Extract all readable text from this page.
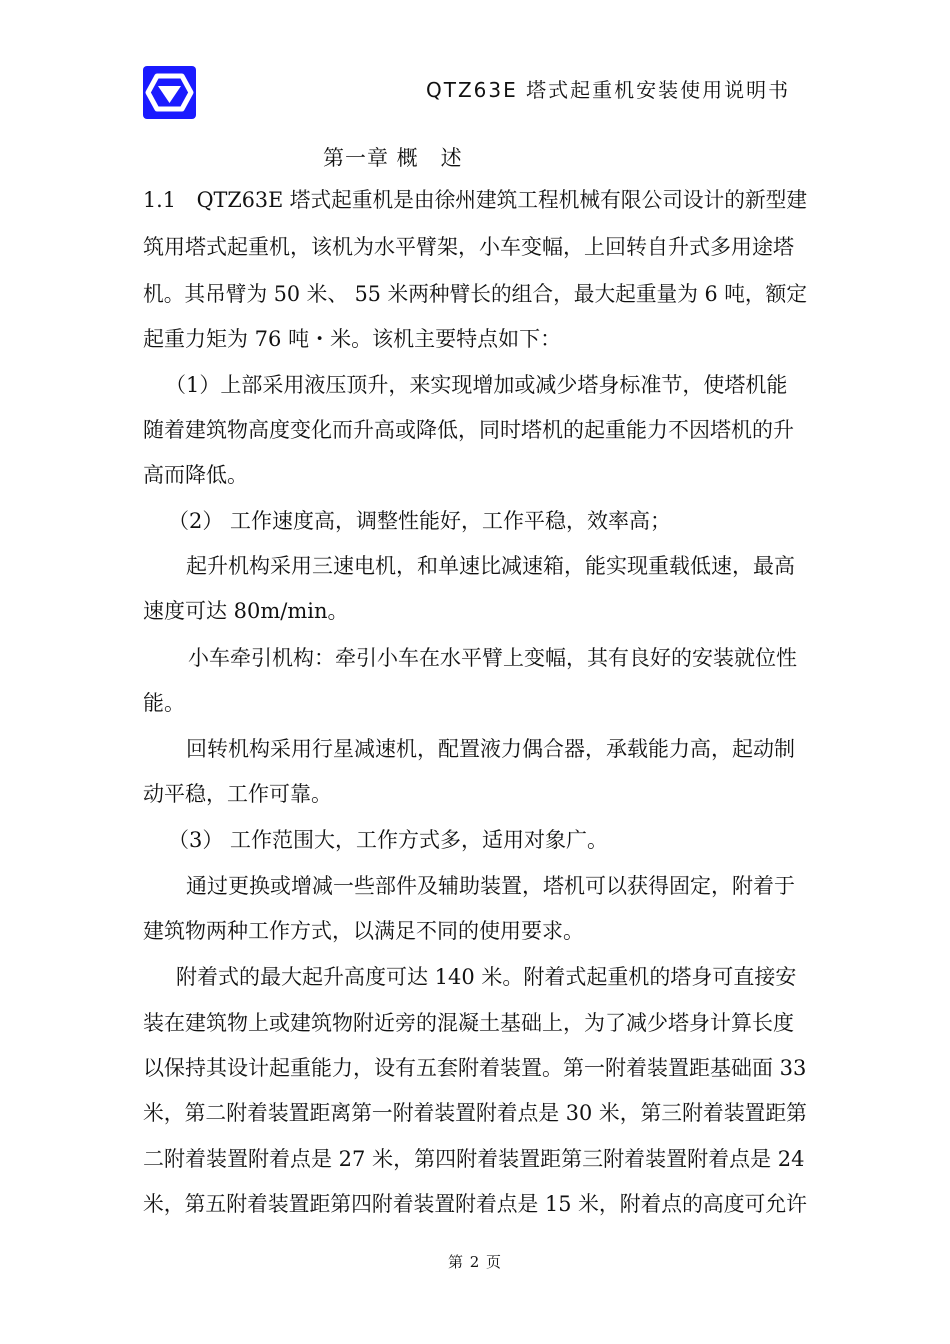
QTZ63E 塔式起重机安装使用说明书
第一章 概　述
1.1　QTZ63E 塔式起重机是由徐州建筑工程机械有限公司设计的新型建
筑用塔式起重机，该机为水平臂架，小车变幅，上回转自升式多用途塔
机。其吊臂为 50 米、 55 米两种臂长的组合，最大起重量为 6 吨，额定
起重力矩为 76 吨・米。该机主要特点如下：
（1）上部采用液压顶升，来实现增加或减少塔身标准节，使塔机能
随着建筑物高度变化而升高或降低，同时塔机的起重能力不因塔机的升
高而降低。
（2） 工作速度高，调整性能好，工作平稳，效率高；
起升机构采用三速电机，和单速比减速箱，能实现重载低速，最高
速度可达 80m/min。
小车牵引机构：牵引小车在水平臂上变幅，其有良好的安装就位性
能。
回转机构采用行星减速机，配置液力偶合器，承载能力高，起动制
动平稳，工作可靠。
（3） 工作范围大，工作方式多，适用对象广。
通过更换或增减一些部件及辅助装置，塔机可以获得固定，附着于
建筑物两种工作方式，以满足不同的使用要求。
附着式的最大起升高度可达 140 米。附着式起重机的塔身可直接安
装在建筑物上或建筑物附近旁的混凝土基础上，为了减少塔身计算长度
以保持其设计起重能力，设有五套附着装置。第一附着装置距基础面 33
米，第二附着装置距离第一附着装置附着点是 30 米，第三附着装置距第
二附着装置附着点是 27 米，第四附着装置距第三附着装置附着点是 24
米，第五附着装置距第四附着装置附着点是 15 米，附着点的高度可允许
第 2 页
